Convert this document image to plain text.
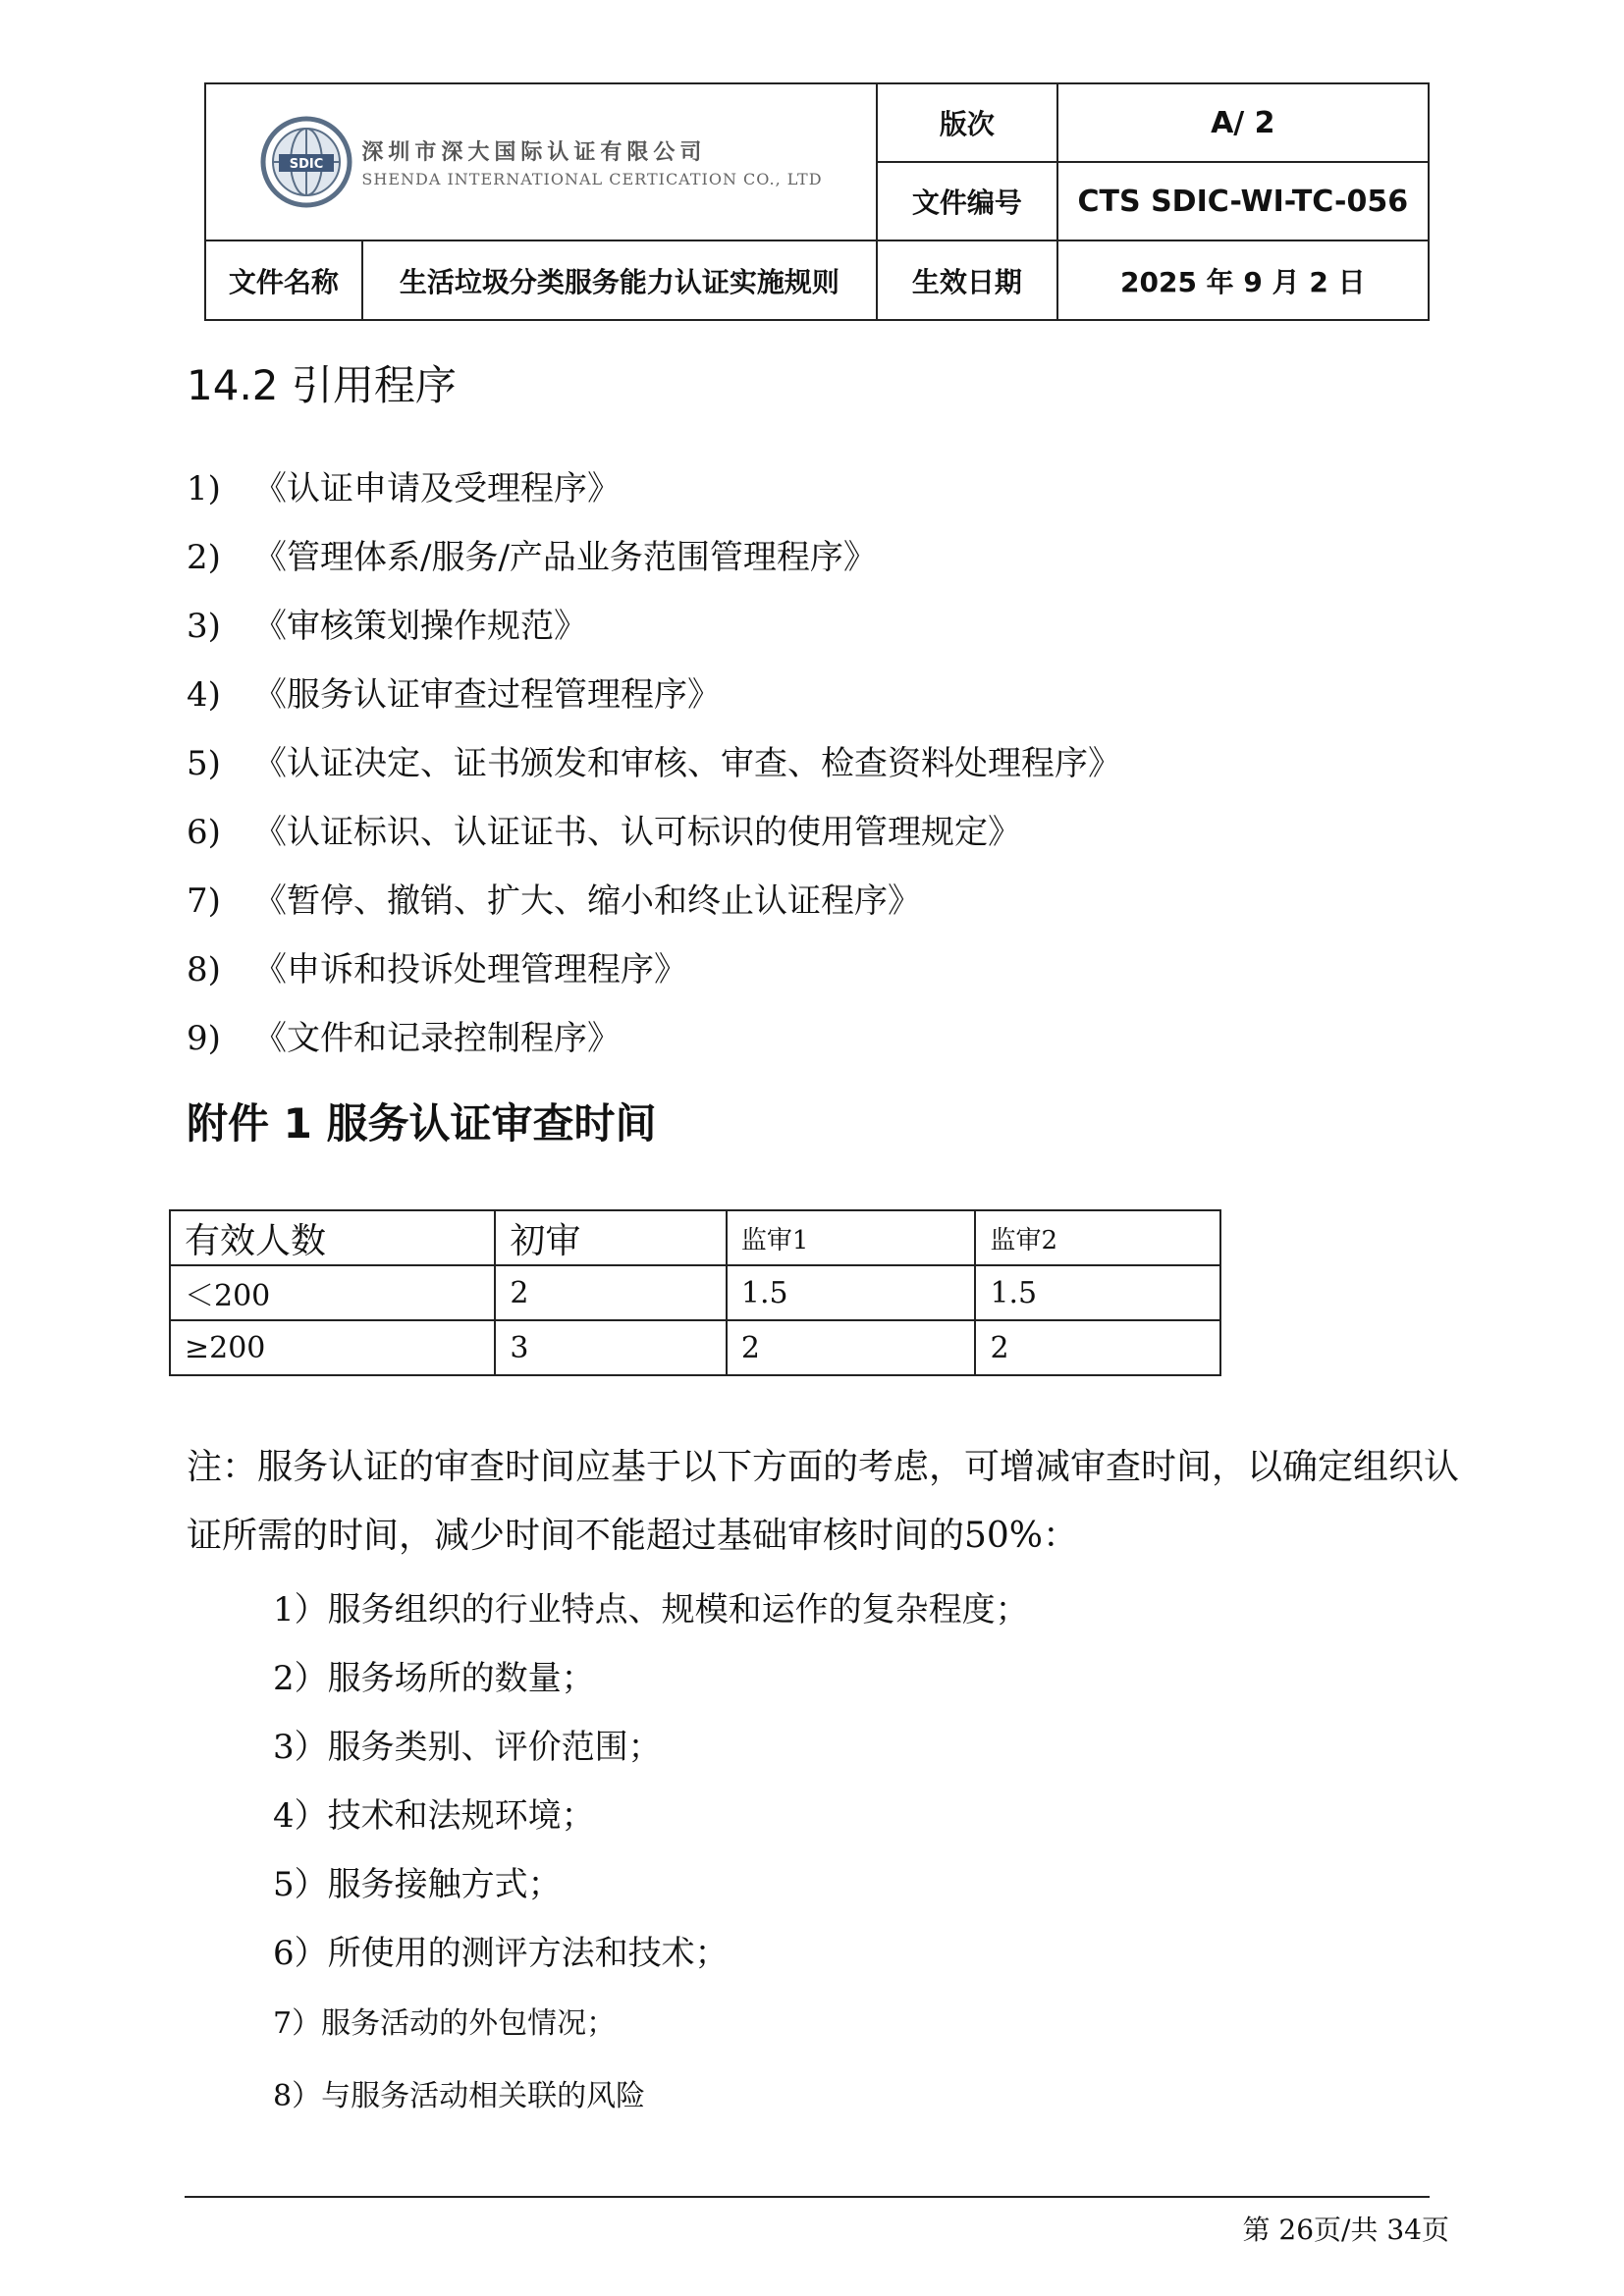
SDIC 深圳市深大国际认证有限公司
SHENDA INTERNATIONAL CERTICATION CO., LTD		版次	A/ 2
		文件编号	CTS SDIC-WI-TC-056
文件名称	生活垃圾分类服务能力认证实施规则	生效日期	2025 年 9 月 2 日
14.2 引用程序
1) 《认证申请及受理程序》
2) 《管理体系/服务/产品业务范围管理程序》
3) 《审核策划操作规范》
4) 《服务认证审查过程管理程序》
5) 《认证决定、证书颁发和审核、审查、检查资料处理程序》
6) 《认证标识、认证证书、认可标识的使用管理规定》
7) 《暂停、撤销、扩大、缩小和终止认证程序》
8) 《申诉和投诉处理管理程序》
9) 《文件和记录控制程序》
附件 1 服务认证审查时间
有效人数	初审	监审1	监审2
＜200	2	1.5	1.5
≥200	3	2	2
注：服务认证的审查时间应基于以下方面的考虑，可增减审查时间，以确定组织认证所需的时间，减少时间不能超过基础审核时间的50%：
1）服务组织的行业特点、规模和运作的复杂程度；
2）服务场所的数量；
3）服务类别、评价范围；
4）技术和法规环境；
5）服务接触方式；
6）所使用的测评方法和技术；
7）服务活动的外包情况；
8）与服务活动相关联的风险
第 26页/共 34页
